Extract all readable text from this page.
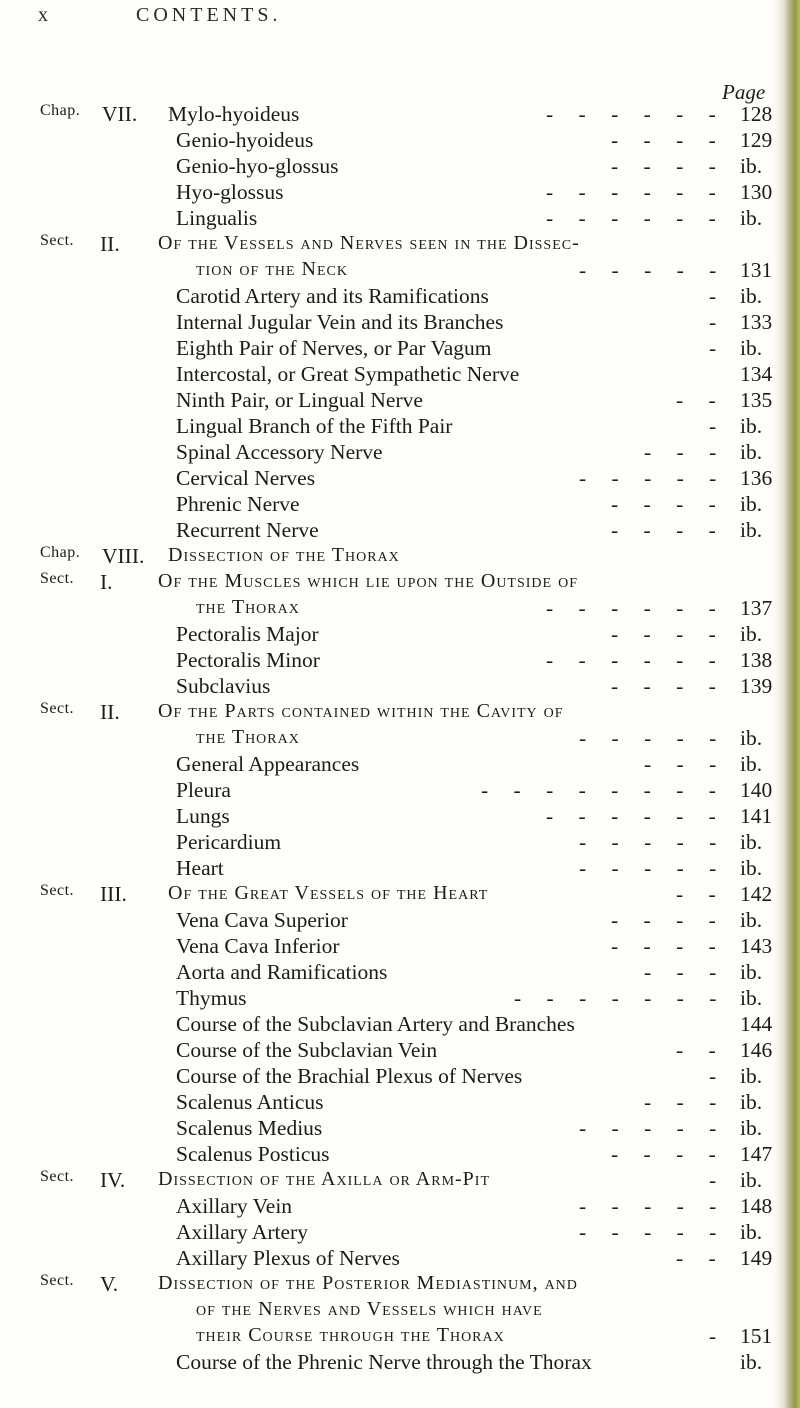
x	CONTENTS.
Page
Chap. VII. Mylo-hyoideus	- - - - - - 128
Genio-hyoideus	- - - - 129
Genio-hyo-glossus	- - - - ib.
Hyo-glossus	- - - - - - 130
Lingualis	- - - - - - ib.
Sect. II. Of the Vessels and Nerves seen in the Dissec-
tion of the Neck	- - - - - 131
Carotid Artery and its Ramifications	- ib.
Internal Jugular Vein and its Branches	- 133
Eighth Pair of Nerves, or Par Vagum	- ib.
Intercostal, or Great Sympathetic Nerve	134
Ninth Pair, or Lingual Nerve	- - 135
Lingual Branch of the Fifth Pair	- ib.
Spinal Accessory Nerve	- - - ib.
Cervical Nerves	- - - - - 136
Phrenic Nerve	- - - - ib.
Recurrent Nerve	- - - - ib.
Chap. VIII. Dissection of the Thorax
Sect. I. Of the Muscles which lie upon the Outside of
the Thorax	- - - - - - 137
Pectoralis Major	- - - - ib.
Pectoralis Minor	- - - - - - 138
Subclavius	- - - - 139
Sect. II. Of the Parts contained within the Cavity of
the Thorax	- - - - - ib.
General Appearances	- - - ib.
Pleura	- - - - - - - - 140
Lungs	- - - - - - 141
Pericardium	- - - - - ib.
Heart	- - - - - ib.
Sect. III. Of the Great Vessels of the Heart	- - 142
Vena Cava Superior	- - - - ib.
Vena Cava Inferior	- - - - 143
Aorta and Ramifications	- - - ib.
Thymus	- - - - - - - ib.
Course of the Subclavian Artery and Branches	144
Course of the Subclavian Vein	- - 146
Course of the Brachial Plexus of Nerves	- ib.
Scalenus Anticus	- - - ib.
Scalenus Medius	- - - - - ib.
Scalenus Posticus	- - - - 147
Sect. IV. Dissection of the Axilla or Arm-Pit	- ib.
Axillary Vein	- - - - - 148
Axillary Artery	- - - - - ib.
Axillary Plexus of Nerves	- - 149
Sect. V. Dissection of the Posterior Mediastinum, and
of the Nerves and Vessels which have
their Course through the Thorax	- 151
Course of the Phrenic Nerve through the Thorax	ib.
